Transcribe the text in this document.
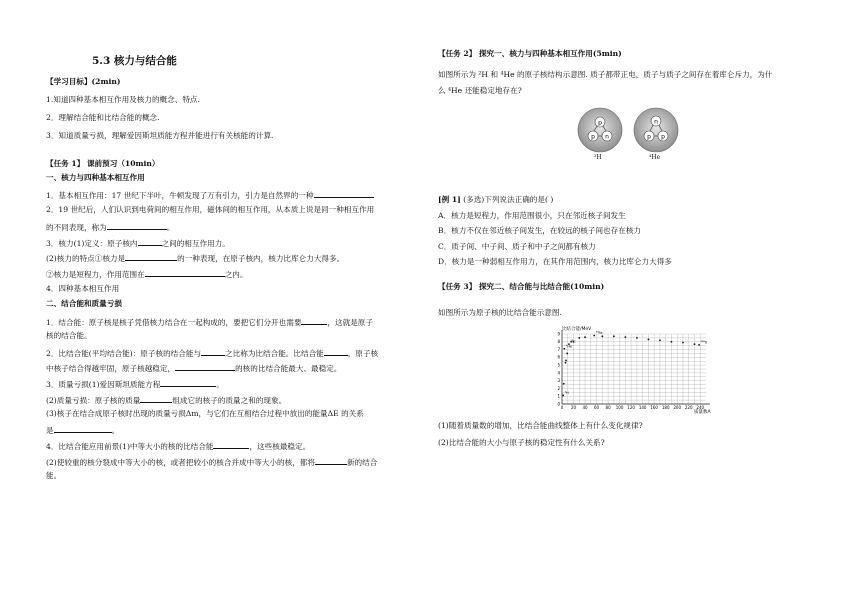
5.3 核力与结合能
【学习目标】(2min)
1.知道四种基本相互作用及核力的概念、特点.
2．理解结合能和比结合能的概念.
3．知道质量亏损，理解爱因斯坦质能方程并能进行有关核能的计算.
【任务 1】 课前预习（10min）
一、核力与四种基本相互作用
1．基本相互作用：17 世纪下半叶，牛顿发现了万有引力，引力是自然界的一种
2．19 世纪后，人们认识到电荷间的相互作用，磁体间的相互作用，从本质上说是同一种相互作用
的不同表现，称为	。
3．核力(1)定义：原子核内	之间的相互作用力。
(2)核力的特点①核力是	的一种表现，在原子核内，核力比库仑力大得多。
②核力是短程力，作用范围在	之内。
4．四种基本相互作用
二、结合能和质量亏损
1．结合能：原子核是核子凭借核力结合在一起构成的，要把它们分开也需要	，这就是原子
核的结合能。
2．比结合能(平均结合能)：原子核的结合能与	之比称为比结合能。比结合能	，原子核
中核子结合得越牢固，原子核越稳定，	的核的比结合能最大、最稳定。
3．质量亏损(1)爱因斯坦质能方程	。
(2)质量亏损：原子核的质量	组成它的核子的质量之和的现象。
(3)核子在结合成原子核时出现的质量亏损Δm，与它们在互相结合过程中放出的能量ΔE 的关系
是	。
4．比结合能应用前景(1)中等大小的核的比结合能	，这些核最稳定。
(2)使较重的核分裂成中等大小的核，或者把较小的核合并成中等大小的核，都将	新的结合
能。
【任务 2】 探究一、核力与四种基本相互作用(5min)
如图所示为 ²H 和 ⁴He 的原子核结构示意图. 质子都带正电，质子与质子之间存在着库仑斥力，为什
么 ⁴He 还能稳定地存在?
p
p n
n
p p
²H	⁴He
[例 1] (多选)下列说法正确的是( )
A．核力是短程力，作用范围很小，只在邻近核子间发生
B．核力不仅在邻近核子间发生，在较远的核子间也存在核力
C．质子间、中子间、质子和中子之间都有核力
D．核力是一种弱相互作用力，在其作用范围内，核力比库仑力大得多
【任务 3】 探究二、结合能与比结合能(10min)
如图所示为原子核的比结合能示意图.
0 20 40 60 80 100 120 140 160 180 200 220 240
0
1
2
3
4
5
6
7
8
9
²H
⁴He
¹²C
⁵⁶Fe
²³⁸U
比结合能/MeV
质量数A
(1)随着质量数的增加，比结合能曲线整体上有什么变化规律?
(2)比结合能的大小与原子核的稳定性有什么关系?
